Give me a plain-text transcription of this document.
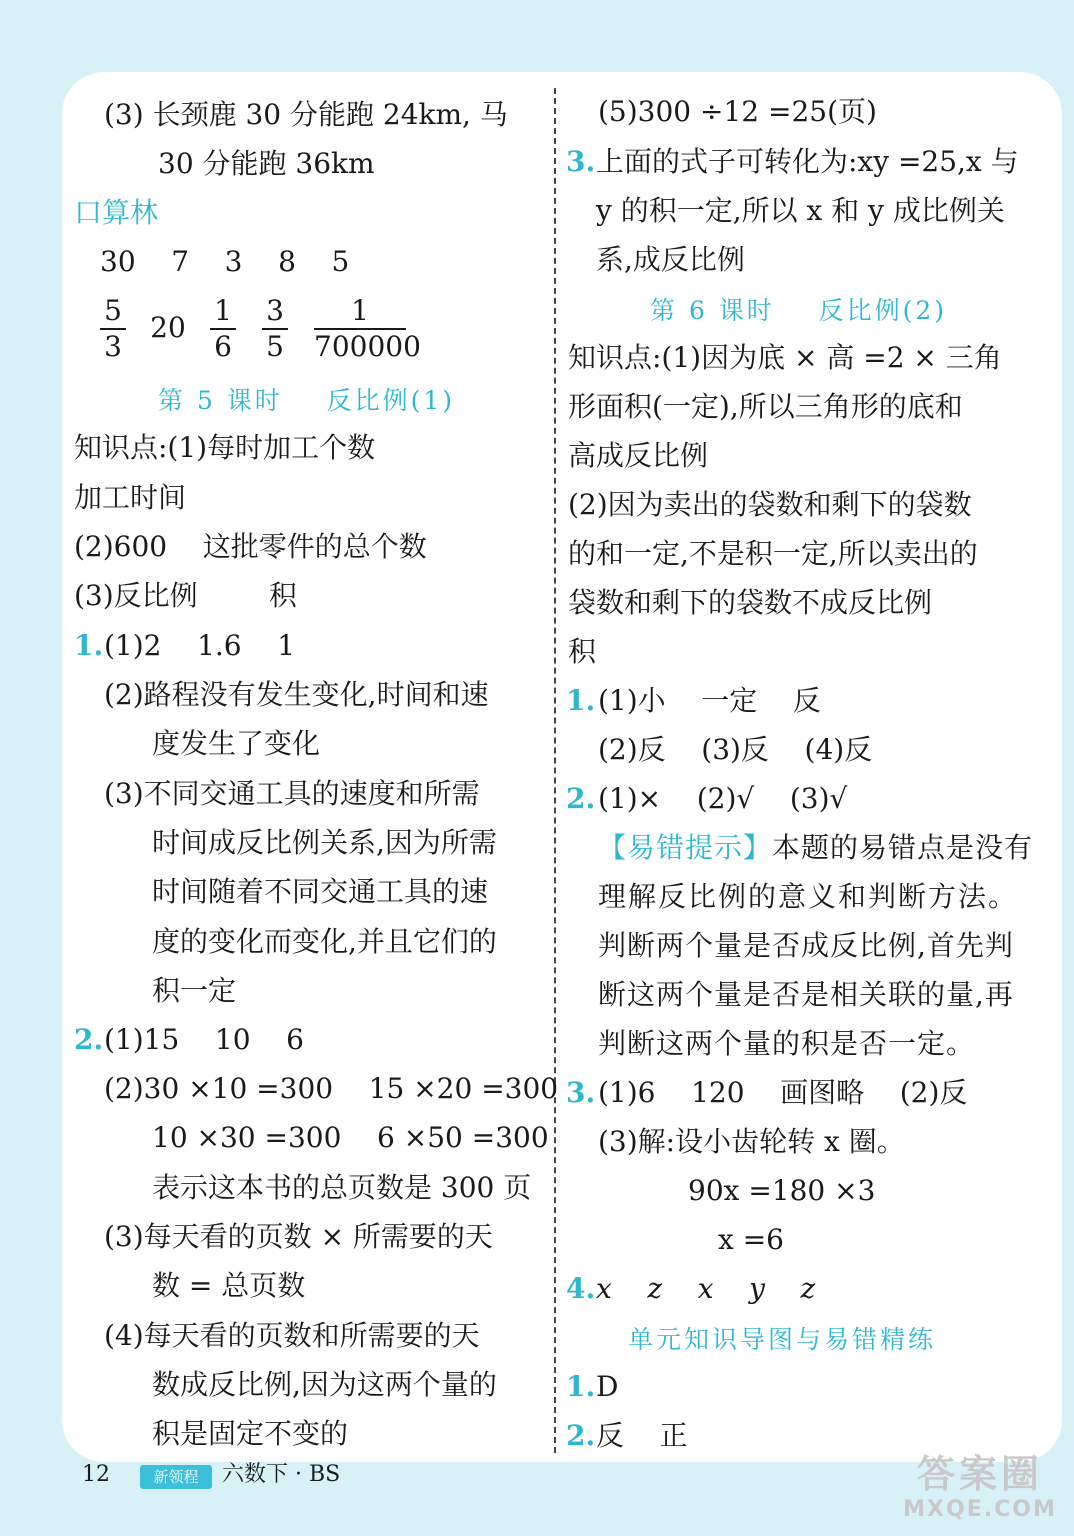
(3) 长颈鹿 30 分能跑 24km, 马
30 分能跑 36km
口算林
30    7    3    8    5
$\frac{5}{3} 20 \frac{1}{6} \frac{3}{5} \frac{1}{700000}$
第 5 课时    反比例(1)
知识点:(1)每时加工个数
加工时间
(2)600    这批零件的总个数
(3)反比例        积
1. (1)2    1.6    1
(2)路程没有发生变化,时间和速
度发生了变化
(3)不同交通工具的速度和所需
时间成反比例关系,因为所需
时间随着不同交通工具的速
度的变化而变化,并且它们的
积一定
2. (1)15    10    6
(2)30 ×10 =300    15 ×20 =300
10 ×30 =300    6 ×50 =300
表示这本书的总页数是 300 页
(3)每天看的页数 × 所需要的天
数 = 总页数
(4)每天看的页数和所需要的天
数成反比例,因为这两个量的
积是固定不变的
(5)300 ÷12 =25(页)
3. 上面的式子可转化为:xy =25,x 与
y 的积一定,所以 x 和 y 成比例关
系,成反比例
第 6 课时    反比例(2)
知识点:(1)因为底 × 高 =2 × 三角
形面积(一定),所以三角形的底和
高成反比例
(2)因为卖出的袋数和剩下的袋数
的和一定,不是积一定,所以卖出的
袋数和剩下的袋数不成反比例
积
1. (1)小    一定    反
(2)反    (3)反    (4)反
2. (1)×    (2)√    (3)√
【易错提示】本题的易错点是没有
理解反比例的意义和判断方法。
判断两个量是否成反比例,首先判
断这两个量是否是相关联的量,再
判断这两个量的积是否一定。
3. (1)6    120    画图略    (2)反
(3)解:设小齿轮转 x 圈。
90x =180 ×3
x =6
4. x    z    x    y    z
单元知识导图与易错精练
1. D
2. 反    正
12	新领程	六数下 · BS	答案圈
MXQE.COM
